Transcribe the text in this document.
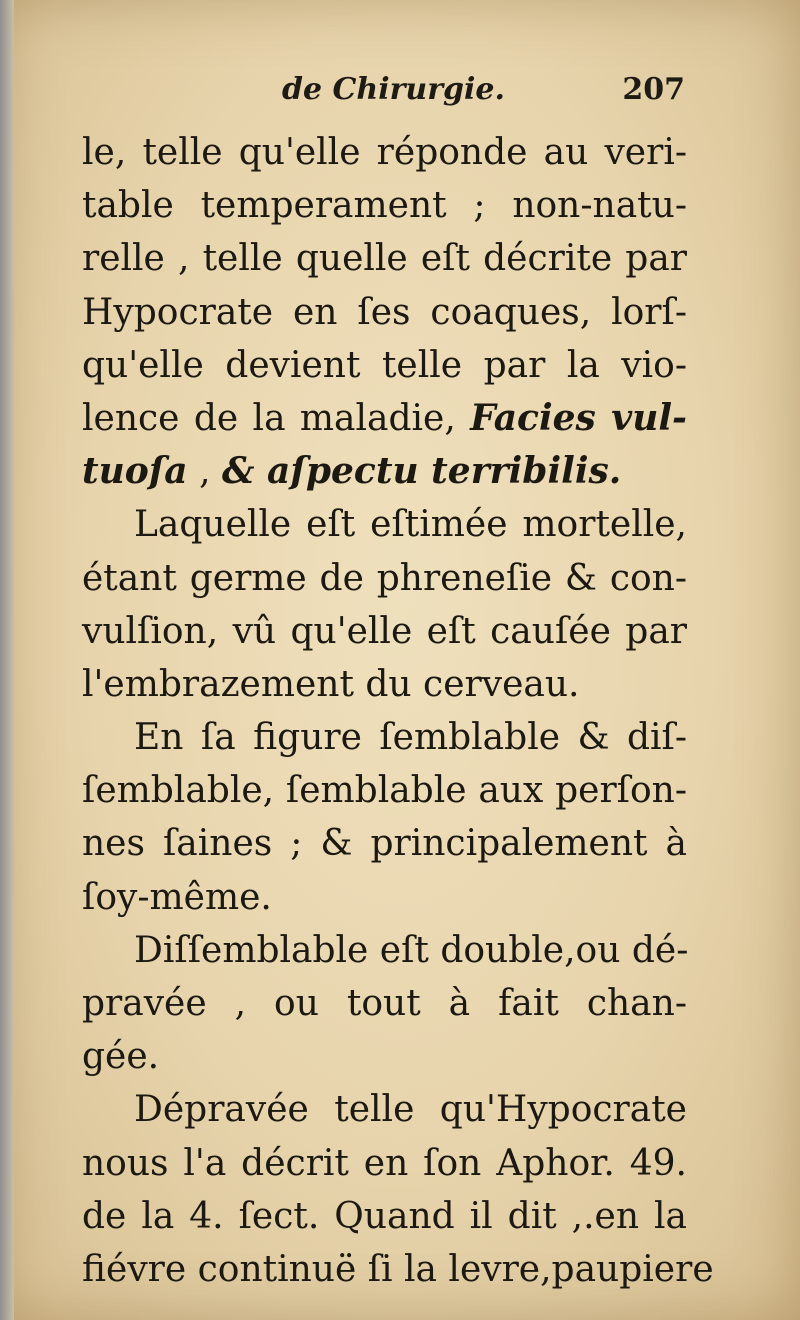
de Chirurgie.	207
le, telle qu'elle réponde au veri-
table temperament ; non-natu-
relle , telle quelle eſt décrite par
Hypocrate en ſes coaques, lorſ-
qu'elle devient telle par la vio-
lence de la maladie, Facies vul-
tuoſa , & aſpectu terribilis.
Laquelle eſt eſtimée mortelle,
étant germe de phreneſie & con-
vulſion, vû qu'elle eſt cauſée par
l'embrazement du cerveau.
En ſa figure ſemblable & diſ-
ſemblable, ſemblable aux perſon-
nes ſaines ; & principalement à
ſoy-même.
Diſſemblable eſt double,ou dé-
pravée , ou tout à fait chan-
gée.
Dépravée telle qu'Hypocrate
nous l'a décrit en ſon Aphor. 49.
de la 4. ſect. Quand il dit ,.en la
fiévre continuë ſi la levre,paupiere
